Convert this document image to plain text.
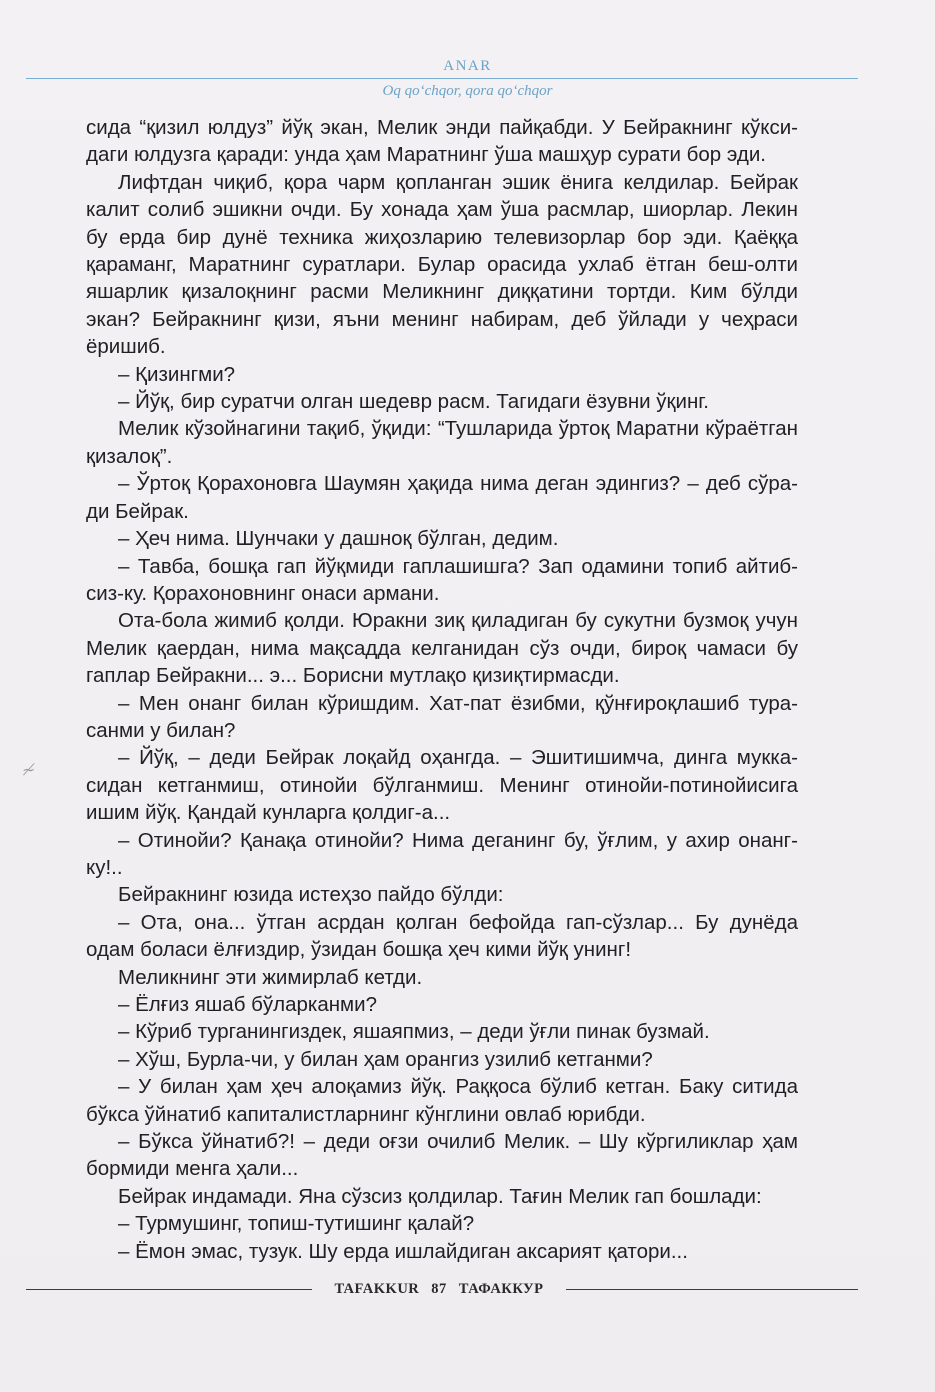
ANAR
Oq qo‘chqor, qora qo‘chqor

сида “қизил юлдуз” йўқ экан, Мелик энди пайқабди. У Бейракнинг кўксидаги юлдузга қаради: унда ҳам Маратнинг ўша машҳур сурати бор эди.

Лифтдан чиқиб, қора чарм қопланган эшик ёнига келдилар. Бейрак калит солиб эшикни очди. Бу хонада ҳам ўша расмлар, шиорлар. Лекин бу ерда бир дунё техника жиҳозларию телевизорлар бор эди. Қаёққа қараманг, Маратнинг суратлари. Булар орасида ухлаб ётган беш-олти яшарлик қизалоқнинг расми Меликнинг диққатини тортди. Ким бўлди экан? Бейракнинг қизи, яъни менинг набирам, деб ўйлади у чеҳраси ёришиб.

– Қизингми?

– Йўқ, бир суратчи олган шедевр расм. Тагидаги ёзувни ўқинг.

Мелик кўзойнагини тақиб, ўқиди: “Тушларида ўртоқ Маратни кўраётган қизалоқ”.

– Ўртоқ Қорахоновга Шаумян ҳақида нима деган эдингиз? – деб сўради Бейрак.

– Ҳеч нима. Шунчаки у дашноқ бўлган, дедим.

– Тавба, бошқа гап йўқмиди гаплашишга? Зап одамини топиб айтибсиз-ку. Қорахоновнинг онаси армани.

Ота-бола жимиб қолди. Юракни зиқ қиладиган бу сукутни бузмоқ учун Мелик қаердан, нима мақсадда келганидан сўз очди, бироқ чамаси бу гаплар Бейракни... э... Борисни мутлақо қизиқтирмасди.

– Мен онанг билан кўришдим. Хат-пат ёзибми, қўнғироқлашиб турасанми у билан?

– Йўқ, – деди Бейрак лоқайд оҳангда. – Эшитишимча, динга муккасидан кетганмиш, отинойи бўлганмиш. Менинг отинойи-потинойисига ишим йўқ. Қандай кунларга қолдиг-а...

– Отинойи? Қанақа отинойи? Нима деганинг бу, ўғлим, у ахир онанг-ку!..

Бейракнинг юзида истеҳзо пайдо бўлди:

– Ота, она... ўтган асрдан қолган бефойда гап-сўзлар... Бу дунёда одам боласи ёлғиздир, ўзидан бошқа ҳеч кими йўқ унинг!

Меликнинг эти жимирлаб кетди.

– Ёлғиз яшаб бўларканми?

– Кўриб турганингиздек, яшаяпмиз, – деди ўғли пинак бузмай.

– Хўш, Бурла-чи, у билан ҳам орангиз узилиб кетганми?

– У билан ҳам ҳеч алоқамиз йўқ. Раққоса бўлиб кетган. Баку ситида бўкса ўйнатиб капиталистларнинг кўнглини овлаб юрибди.

– Бўкса ўйнатиб?! – деди оғзи очилиб Мелик. – Шу кўргиликлар ҳам бормиди менга ҳали...

Бейрак индамади. Яна сўзсиз қолдилар. Тағин Мелик гап бошлади:

– Турмушинг, топиш-тутишинг қалай?

– Ёмон эмас, тузук. Шу ерда ишлайдиган аксарият қатори...

≁
TAFAKKUR 87 ТАФАККУР
